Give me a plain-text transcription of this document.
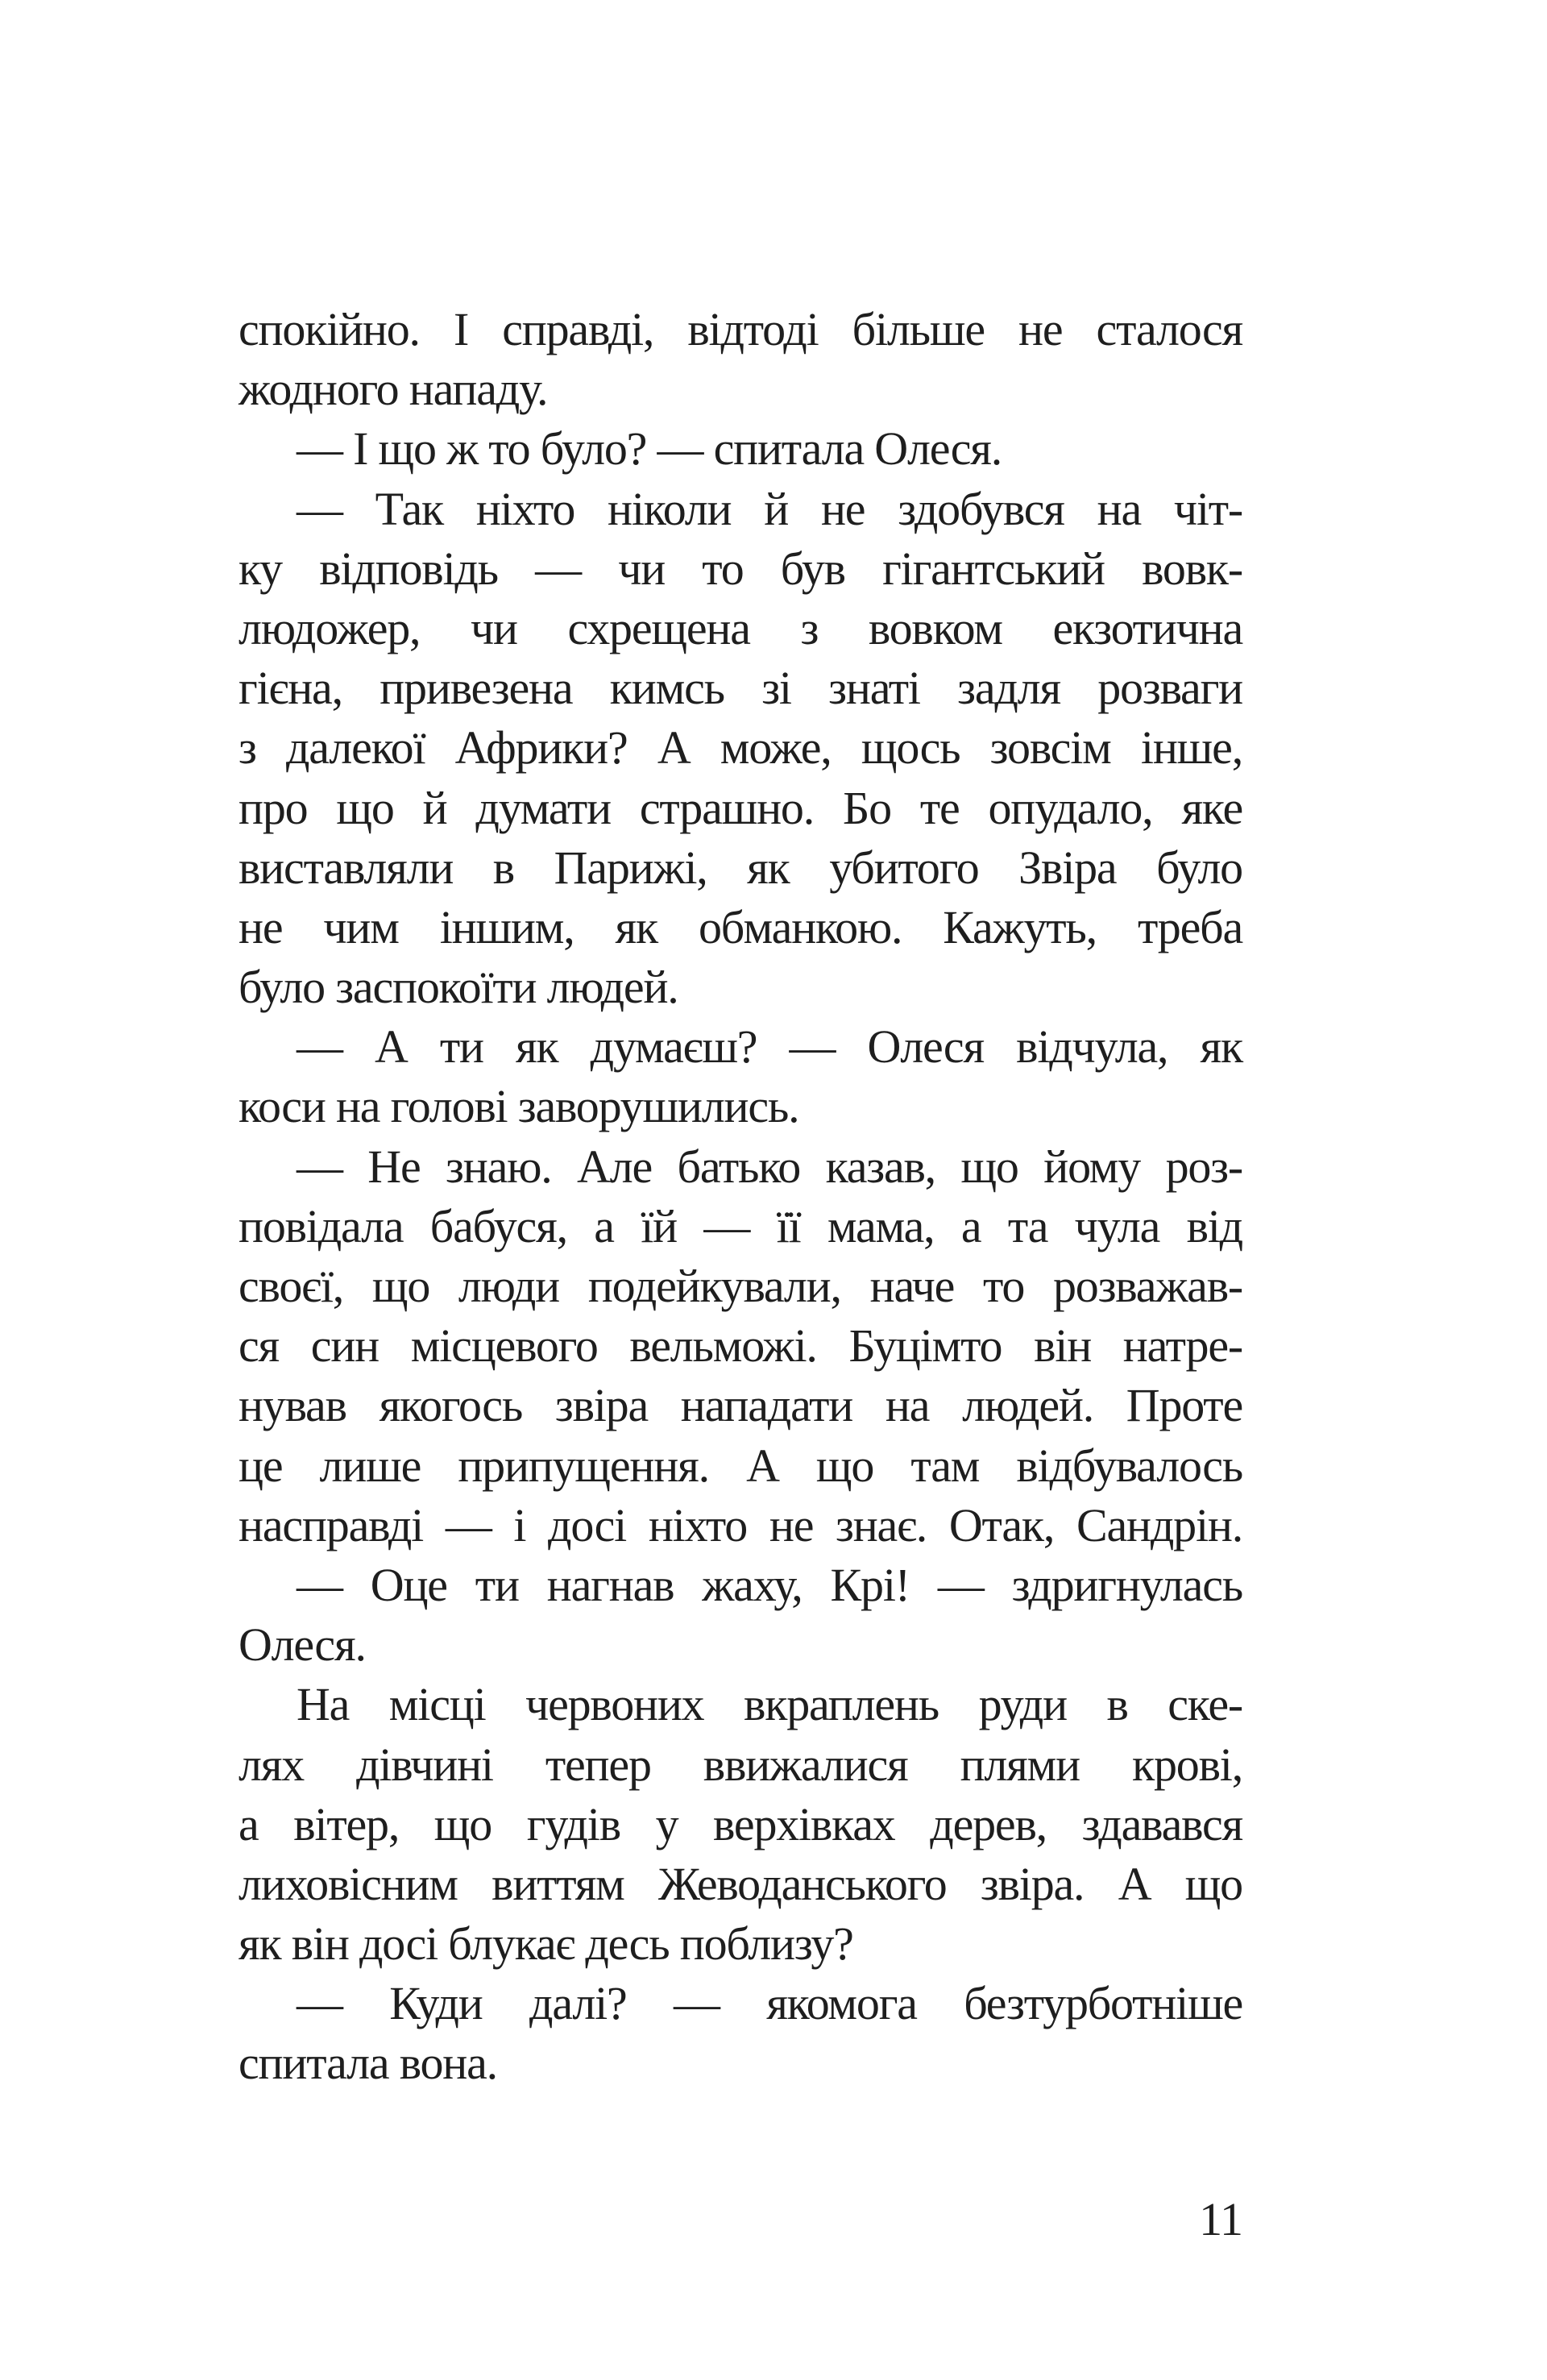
спокійно. І справді, відтоді більше не сталося
жодного нападу.
— І що ж то було? — спитала Олеся.
— Так ніхто ніколи й не здобувся на чіт-
ку відповідь — чи то був гігантський вовк-
людожер, чи схрещена з вовком екзотична
гієна, привезена кимсь зі знаті задля розваги
з далекої Африки? А може, щось зовсім інше,
про що й думати страшно. Бо те опудало, яке
виставляли в Парижі, як убитого Звіра було
не чим іншим, як обманкою. Кажуть, треба
було заспокоїти людей.
— А ти як думаєш? — Олеся відчула, як
коси на голові заворушились.
— Не знаю. Але батько казав, що йому роз-
повідала бабуся, а їй — її мама, а та чула від
своєї, що люди подейкували, наче то розважав-
ся син місцевого вельможі. Буцімто він натре-
нував якогось звіра нападати на людей. Проте
це лише припущення. А що там відбувалось
насправді — і досі ніхто не знає. Отак, Сандрін.
— Оце ти нагнав жаху, Крі! — здригнулась
Олеся.
На місці червоних вкраплень руди в ске-
лях дівчині тепер ввижалися плями крові,
а вітер, що гудів у верхівках дерев, здавався
лиховісним виттям Жеводанського звіра. А що
як він досі блукає десь поблизу?
— Куди далі? — якомога безтурботніше
спитала вона.
11
